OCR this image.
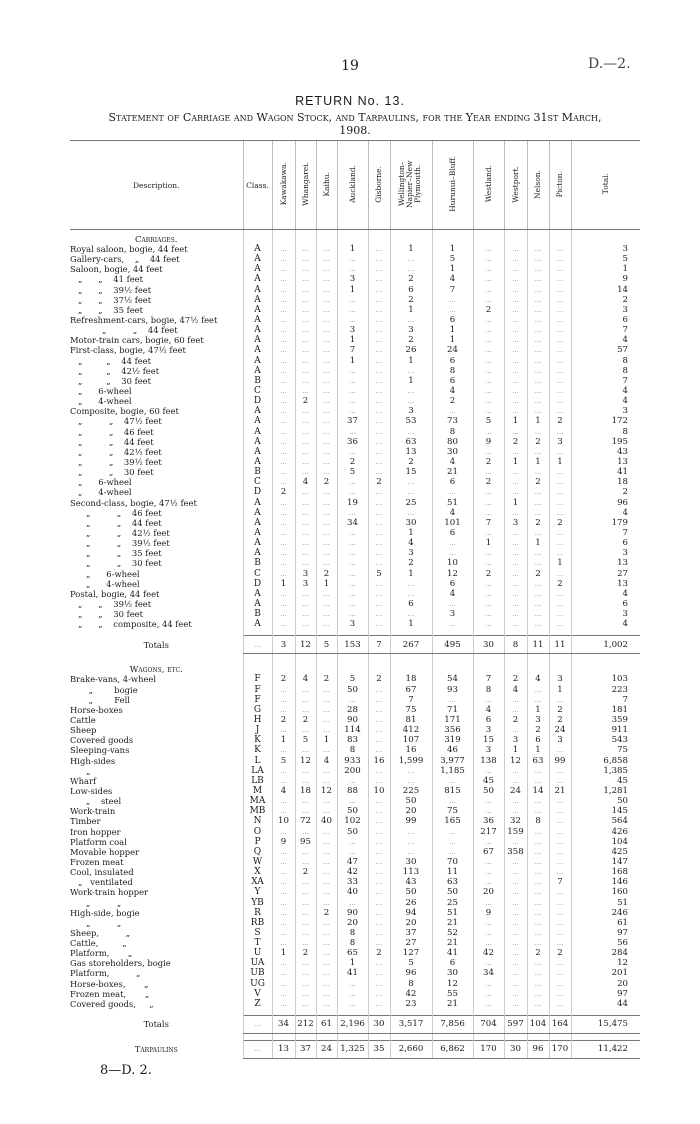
19	D.—2.
RETURN No. 13.
Statement of Carriage and Wagon Stock, and Tarpaulins, for the Year ending 31st March, 1908.
Description.	Class.	Kawakawa.	Whangarei.	Kaihu.	Auckland.	Gisborne.	Wellington–Napier–New Plymouth.	Hurunui–Bluff.	Westland.	Westport.	Nelson.	Picton.	Total.
Carriages.													
Royal saloon, bogie, 44 feet	A	...	...	...	1	...	1	1	...	...	...	...	3
Gallery-cars,    „    44 feet	A	...	...	...	...	...	...	5	...	...	...	...	5
Saloon, bogie, 44 feet	A	...	...	...	...	...	...	1	...	...	...	...	1
„      „    41 feet	A	...	...	...	3	...	2	4	...	...	...	...	9
„      „    39½ feet	A	...	...	...	1	...	6	7	...	...	...	...	14
„      „    37½ feet	A	...	...	...	...	...	2	...	...	...	...	...	2
„      „    35 feet	A	...	...	...	...	...	1	...	2	...	...	...	3
Refreshment-cars, bogie, 47½ feet	A	...	...	...	...	...	...	6	...	...	...	...	6
„          „    44 feet	A	...	...	...	3	...	3	1	...	...	...	...	7
Motor-train cars, bogie, 60 feet	A	...	...	...	1	...	2	1	...	...	...	...	4
First-class, bogie, 47½ feet	A	...	...	...	7	...	26	24	...	...	...	...	57
„         „    44 feet	A	...	...	...	1	...	1	6	...	...	...	...	8
„         „    42½ feet	A	...	...	...	...	...	...	8	...	...	...	...	8
„         „    30 feet	B	...	...	...	...	...	1	6	...	...	...	...	7
„      6-wheel	C	...	...	...	...	...	...	4	...	...	...	...	4
„      4-wheel	D	...	2	...	...	...	...	2	...	...	...	...	4
Composite, bogie, 60 feet	A	...	...	...	...	...	3	...	...	...	...	...	3
„          „    47½ feet	A	...	...	...	37	...	53	73	5	1	1	2	172
„          „    46 feet	A	...	...	...	...	...	...	8	...	...	...	...	8
„          „    44 feet	A	...	...	...	36	...	63	80	9	2	2	3	195
„          „    42½ feet	A	...	...	...	...	...	13	30	...	...	...	...	43
„          „    39½ feet	A	...	...	...	2	...	2	4	2	1	1	1	13
„          „    30 feet	B	...	...	...	5	...	15	21	...	...	...	...	41
„      6-wheel	C	...	4	2	...	2	...	6	2	...	2	...	18
„      4-wheel	D	2	...	...	...	...	...	...	...	...	...	...	2
Second-class, bogie, 47½ feet	A	...	...	...	19	...	25	51	...	1	...	...	96
„          „    46 feet	A	...	...	...	...	...	...	4	...	...	...	...	4
„          „    44 feet	A	...	...	...	34	...	30	101	7	3	2	2	179
„          „    42½ feet	A	...	...	...	...	...	1	6	...	...	...	...	7
„          „    39½ feet	A	...	...	...	...	...	4	...	1	...	1	...	6
„          „    35 feet	A	...	...	...	...	...	3	...	...	...	...	...	3
„          „    30 feet	B	...	...	...	...	...	2	10	...	...	...	1	13
„      6-wheel	C	...	3	2	...	5	1	12	2	...	2	...	27
„      4-wheel	D	1	3	1	...	...	...	6	...	...	...	2	13
Postal, bogie, 44 feet	A	...	...	...	...	...	...	4	...	...	...	...	4
„      „    39½ feet	A	...	...	...	...	...	6	...	...	...	...	...	6
„      „    30 feet	B	...	...	...	...	...	...	3	...	...	...	...	3
„      „    composite, 44 feet	A	...	...	...	3	...	1	...	...	...	...	...	4

Totals	...	3	12	5	153	7	267	495	30	8	11	11	1,002

Wagons, etc.													
Brake-vans, 4-wheel	F	2	4	2	5	2	18	54	7	2	4	3	103
„        bogie	F	...	...	...	50	...	67	93	8	4	...	1	223
„        Fell	F	...	...	...	...	...	7	...	...	...	...	...	7
Horse-boxes	G	...	...	...	28	...	75	71	4	...	1	2	181
Cattle	H	2	2	...	90	...	81	171	6	2	3	2	359
Sheep	J	...	...	...	114	...	412	356	3	...	2	24	911
Covered goods	K	1	5	1	83	...	107	319	15	3	6	3	543
Sleeping-vans	K	...	...	...	8	...	16	46	3	1	1	...	75
High-sides	L	5	12	4	933	16	1,599	3,977	138	12	63	99	6,858
„	LA	...	...	...	200	...	...	1,185	...	...	...	...	1,385
Wharf	LB	...	...	...	...	...	...	...	45	...	...	...	45
Low-sides	M	4	18	12	88	10	225	815	50	24	14	21	1,281
„    steel	MA	...	...	...	...	...	50	...	...	...	...	...	50
Work-train	MB	...	...	...	50	...	20	75	...	...	...	...	145
Timber	N	10	72	40	102	...	99	165	36	32	8	...	564
Iron hopper	O	...	...	...	50	...	...	...	217	159	...	...	426
Platform coal	P	9	95	...	...	...	...	...	...	...	...	...	104
Movable hopper	Q	...	...	...	...	...	...	...	67	358	...	...	425
Frozen meat	W	...	...	...	47	...	30	70	...	...	...	...	147
Cool, insulated	X	...	2	...	42	...	113	11	...	...	...	...	168
„   ventilated	XA	...	...	...	33	...	43	63	...	...	...	7	146
Work-train hopper	Y	...	...	...	40	...	50	50	20	...	...	...	160
„          „	YB	...	...	...	...	...	26	25	...	...	...	...	51
High-side, bogie	R	...	...	2	90	...	94	51	9	...	...	...	246
„          „	RB	...	...	...	20	...	20	21	...	...	...	...	61
Sheep,          „	S	...	...	...	8	...	37	52	...	...	...	...	97
Cattle,         „	T	...	...	...	8	...	27	21	...	...	...	...	56
Platform,       „	U	1	2	...	65	2	127	41	42	...	2	2	284
Gas storeholders, bogie	UA	...	...	...	1	...	5	6	...	...	...	...	12
Platform,          „	UB	...	...	...	41	...	96	30	34	...	...	...	201
Horse-boxes,       „	UG	...	...	...	...	...	8	12	...	...	...	...	20
Frozen meat,       „	V	...	...	...	...	...	42	55	...	...	...	...	97
Covered goods,     „	Z	...	...	...	...	...	23	21	...	...	...	...	44

Totals	...	34	212	61	2,196	30	3,517	7,856	704	597	104	164	15,475

Tarpaulins	...	13	37	24	1,325	35	2,660	6,862	170	30	96	170	11,422
8—D. 2.
